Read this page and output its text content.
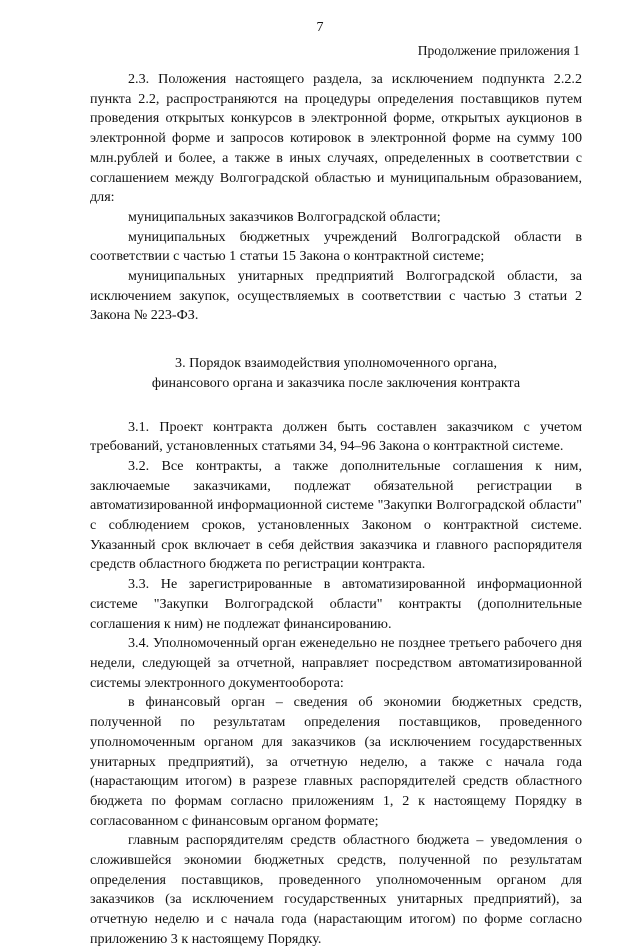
7
Продолжение приложения 1

2.3. Положения настоящего раздела, за исключением подпункта 2.2.2 пункта 2.2, распространяются на процедуры определения поставщиков путем проведения открытых конкурсов в электронной форме, открытых аукционов в электронной форме и запросов котировок в электронной форме на сумму 100 млн.рублей и более, а также в иных случаях, определенных в соответствии с соглашением между Волгоградской областью и муниципальным образованием, для:

муниципальных заказчиков Волгоградской области;

муниципальных бюджетных учреждений Волгоградской области в соответствии с частью 1 статьи 15 Закона о контрактной системе;

муниципальных унитарных предприятий Волгоградской области, за исключением закупок, осуществляемых в соответствии с частью 3 статьи 2 Закона № 223-ФЗ.

3. Порядок взаимодействия уполномоченного органа,
финансового органа и заказчика после заключения контракта

3.1. Проект контракта должен быть составлен заказчиком с учетом требований, установленных статьями 34, 94–96 Закона о контрактной системе.

3.2. Все контракты, а также дополнительные соглашения к ним, заключаемые заказчиками, подлежат обязательной регистрации в автоматизированной информационной системе "Закупки Волгоградской области" с соблюдением сроков, установленных Законом о контрактной системе. Указанный срок включает в себя действия заказчика и главного распорядителя средств областного бюджета по регистрации контракта.

3.3. Не зарегистрированные в автоматизированной информационной системе "Закупки Волгоградской области" контракты (дополнительные соглашения к ним) не подлежат финансированию.

3.4. Уполномоченный орган еженедельно не позднее третьего рабочего дня недели, следующей за отчетной, направляет посредством автоматизированной системы электронного документооборота:

в финансовый орган – сведения об экономии бюджетных средств, полученной по результатам определения поставщиков, проведенного уполномоченным органом для заказчиков (за исключением государственных унитарных предприятий), за отчетную неделю, а также с начала года (нарастающим итогом) в разрезе главных распорядителей средств областного бюджета по формам согласно приложениям 1, 2 к настоящему Порядку в согласованном с финансовым органом формате;

главным распорядителям средств областного бюджета – уведомления о сложившейся экономии бюджетных средств, полученной по результатам определения поставщиков, проведенного уполномоченным органом для заказчиков (за исключением государственных унитарных предприятий), за отчетную неделю и с начала года (нарастающим итогом) по форме согласно приложению 3 к настоящему Порядку.
